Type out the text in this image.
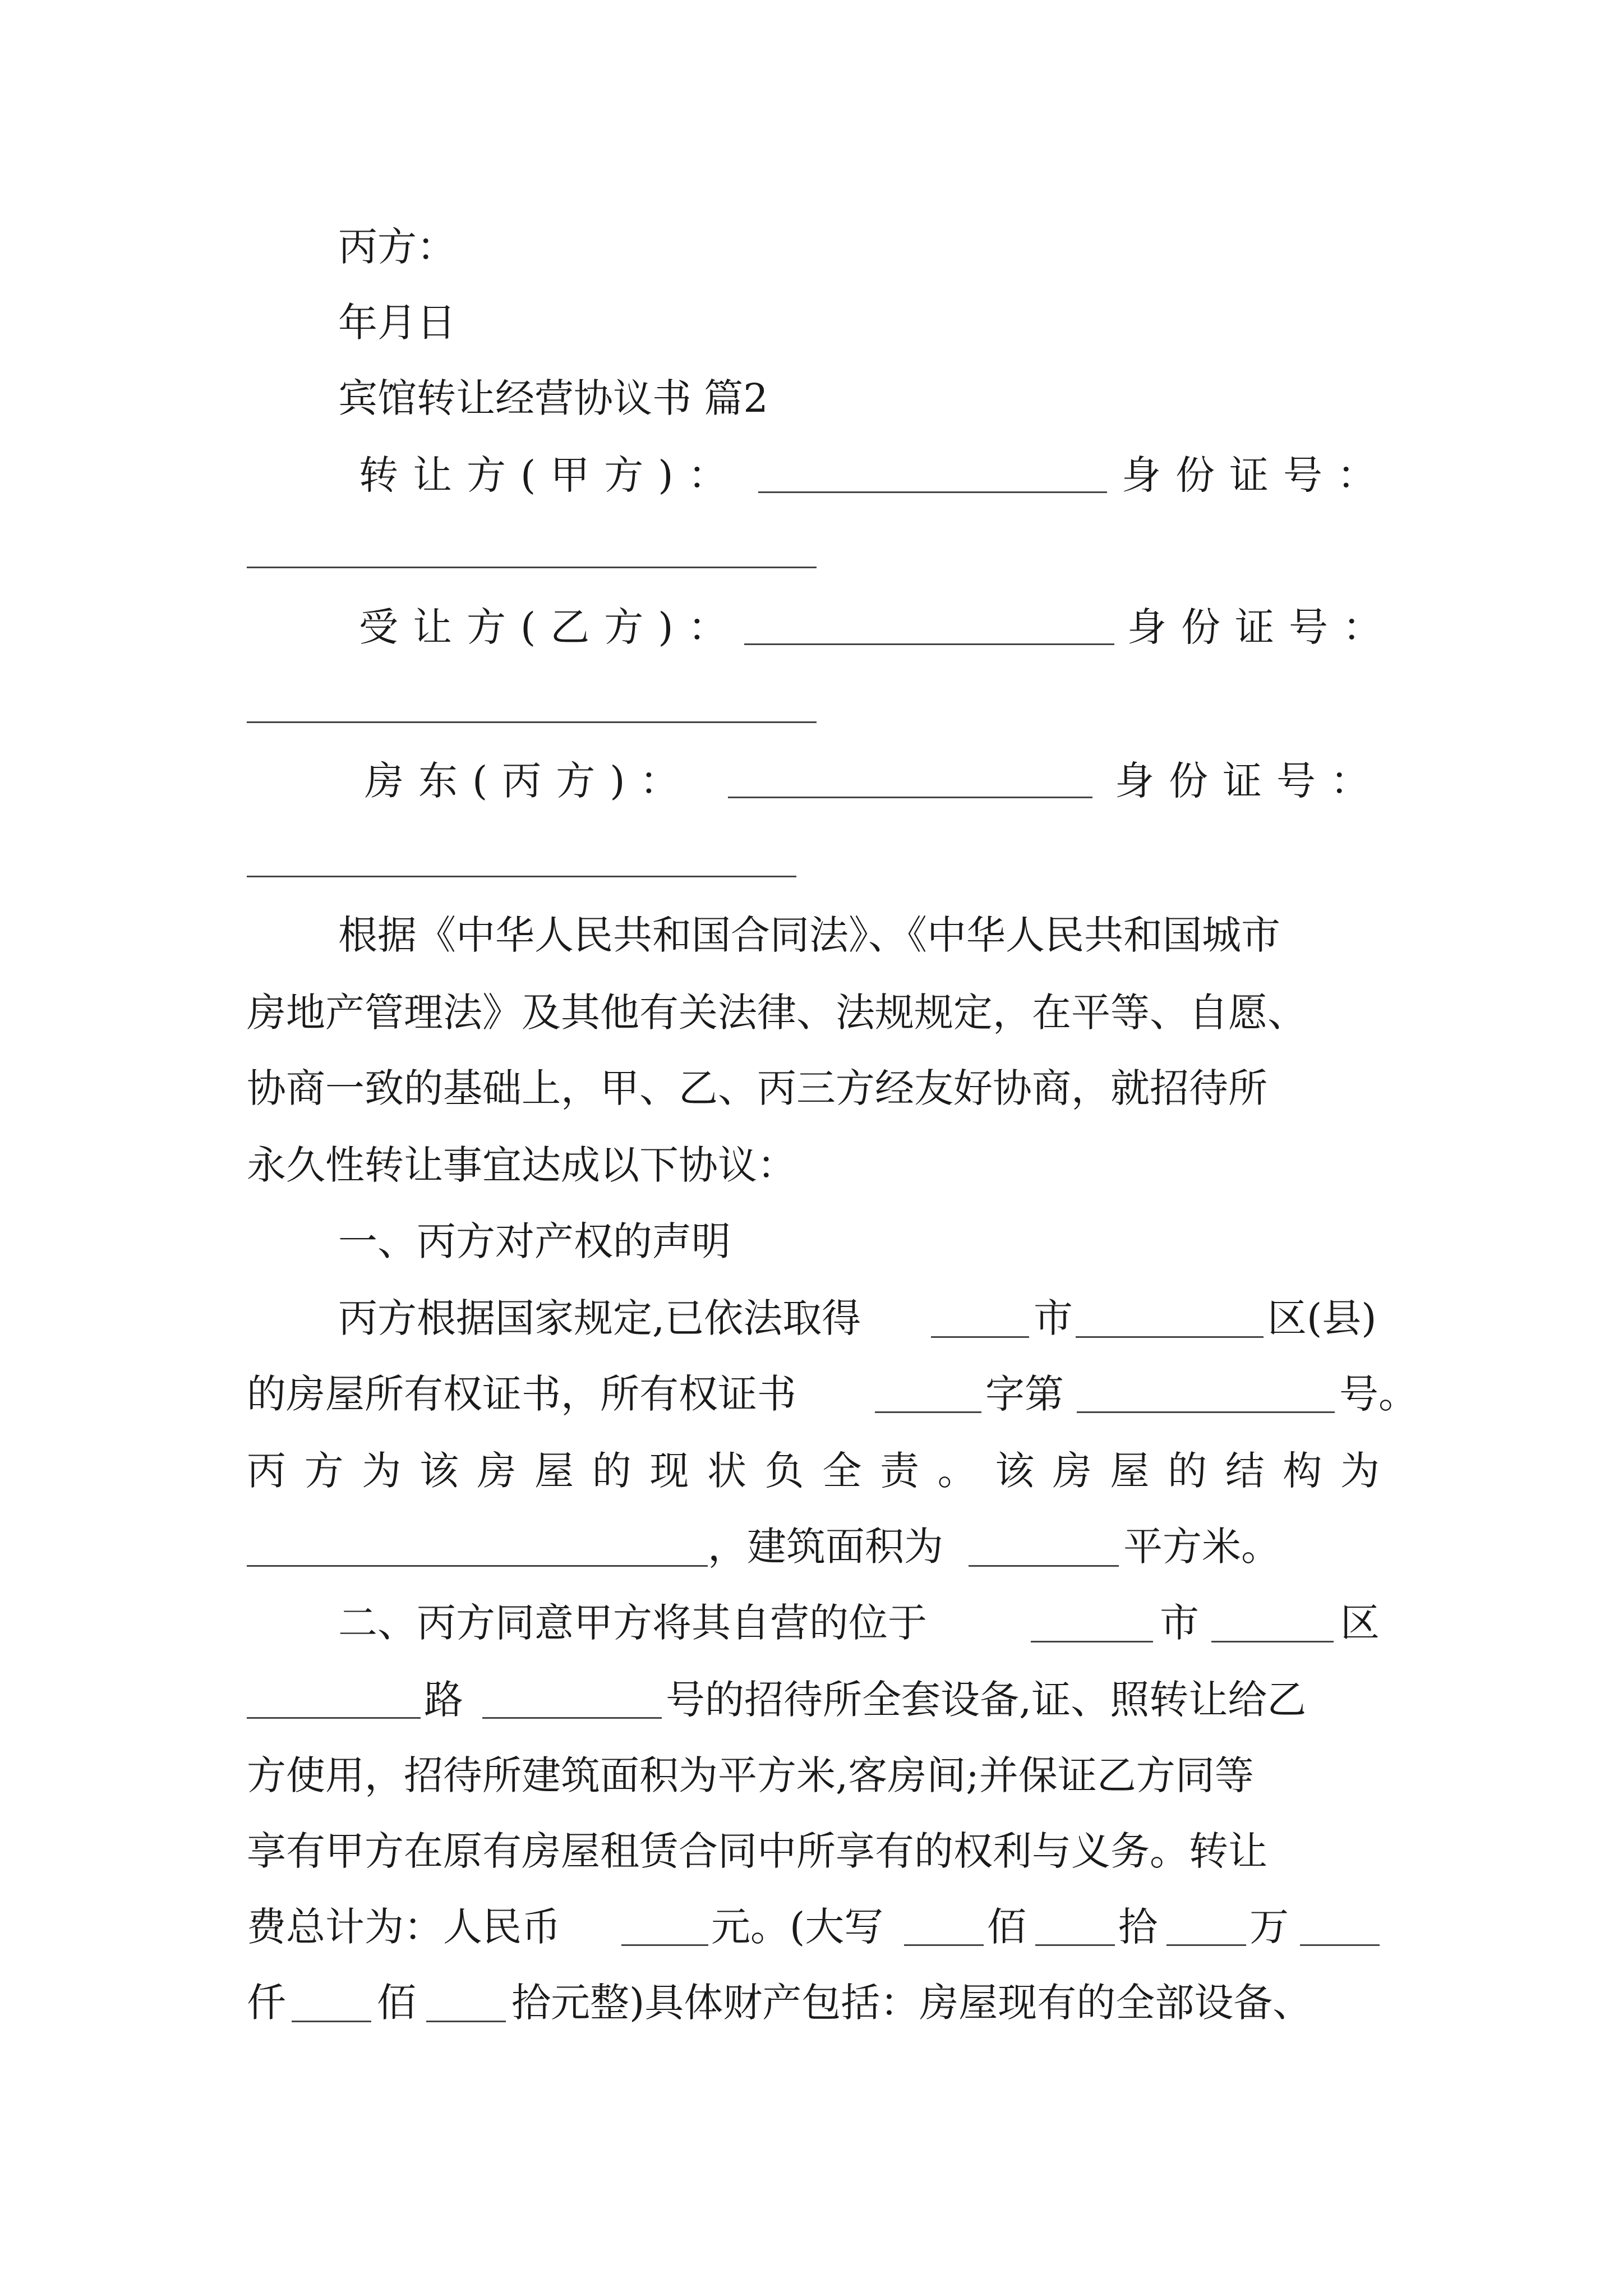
丙方：
年月日
宾馆转让经营协议书 篇2
转让方(甲方)：	身份证号：
受让方(乙方)：	身份证号：
房东(丙方)：	身份证号：
根据《中华人民共和国合同法》、《中华人民共和国城市
房地产管理法》及其他有关法律、法规规定，在平等、自愿、
协商一致的基础上，甲、乙、丙三方经友好协商，就招待所
永久性转让事宜达成以下协议：
一、丙方对产权的声明
丙方根据国家规定,已依法取得	市	区(县)
的房屋所有权证书，所有权证书	字第	号。
丙方为该房屋的现状负全责。该房屋的结构为
，建筑面积为	平方米。
二、丙方同意甲方将其自营的位于	市	区
路	号的招待所全套设备,证、照转让给乙
方使用，招待所建筑面积为平方米,客房间;并保证乙方同等
享有甲方在原有房屋租赁合同中所享有的权利与义务。转让
费总计为：人民币	元。(大写	佰 拾 万
仟 佰 拾元整)具体财产包括：房屋现有的全部设备、
